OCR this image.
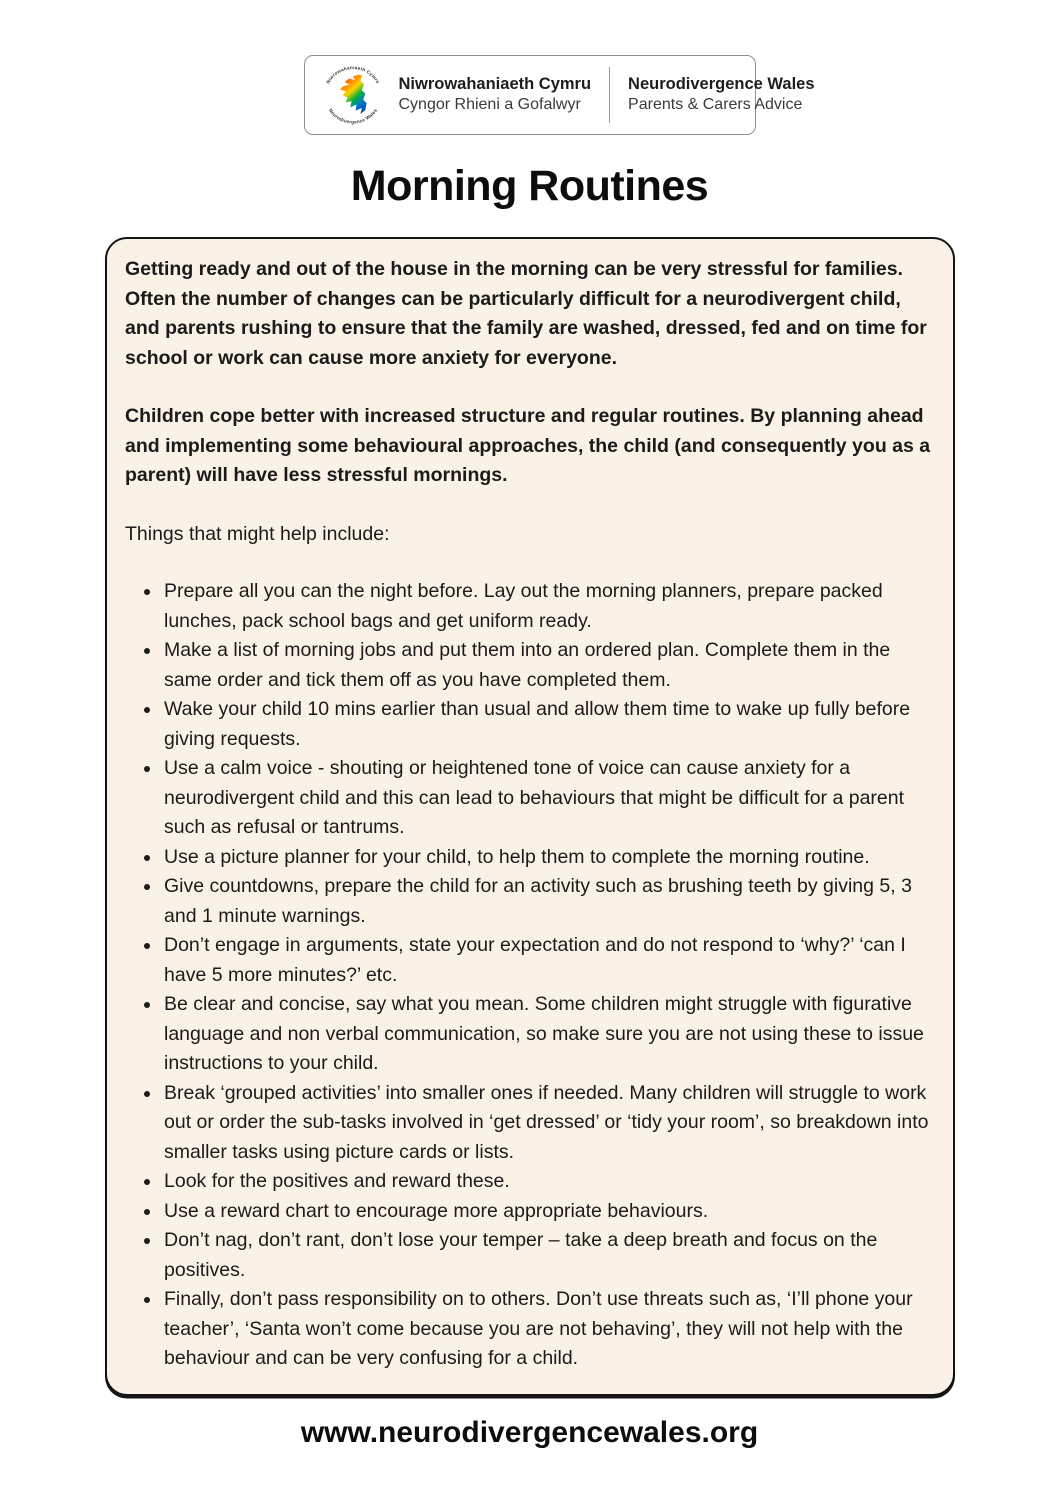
Niwrowahaniaeth Cymru
Neurodivergence Wales
Niwrowahaniaeth Cymru
Cyngor Rhieni a Gofalwyr
Neurodivergence Wales
Parents & Carers Advice
Morning Routines

Getting ready and out of the house in the morning can be very stressful for families. Often the number of changes can be particularly difficult for a neurodivergent child, and parents rushing to ensure that the family are washed, dressed, fed and on time for school or work can cause more anxiety for everyone.

Children cope better with increased structure and regular routines. By planning ahead and implementing some behavioural approaches, the child (and consequently you as a parent) will have less stressful mornings.

Things that might help include:

• Prepare all you can the night before. Lay out the morning planners, prepare packed lunches, pack school bags and get uniform ready.
• Make a list of morning jobs and put them into an ordered plan. Complete them in the same order and tick them off as you have completed them.
• Wake your child 10 mins earlier than usual and allow them time to wake up fully before giving requests.
• Use a calm voice - shouting or heightened tone of voice can cause anxiety for a neurodivergent child and this can lead to behaviours that might be difficult for a parent such as refusal or tantrums.
• Use a picture planner for your child, to help them to complete the morning routine.
• Give countdowns, prepare the child for an activity such as brushing teeth by giving 5, 3 and 1 minute warnings.
• Don’t engage in arguments, state your expectation and do not respond to ‘why?’ ‘can I have 5 more minutes?’ etc.
• Be clear and concise, say what you mean. Some children might struggle with figurative language and non verbal communication, so make sure you are not using these to issue instructions to your child.
• Break ‘grouped activities’ into smaller ones if needed. Many children will struggle to work out or order the sub-tasks involved in ‘get dressed’ or ‘tidy your room’, so breakdown into smaller tasks using picture cards or lists.
• Look for the positives and reward these.
• Use a reward chart to encourage more appropriate behaviours.
• Don’t nag, don’t rant, don’t lose your temper – take a deep breath and focus on the positives.
• Finally, don’t pass responsibility on to others. Don’t use threats such as, ‘I’ll phone your teacher’, ‘Santa won’t come because you are not behaving’, they will not help with the behaviour and can be very confusing for a child.
www.neurodivergencewales.org
